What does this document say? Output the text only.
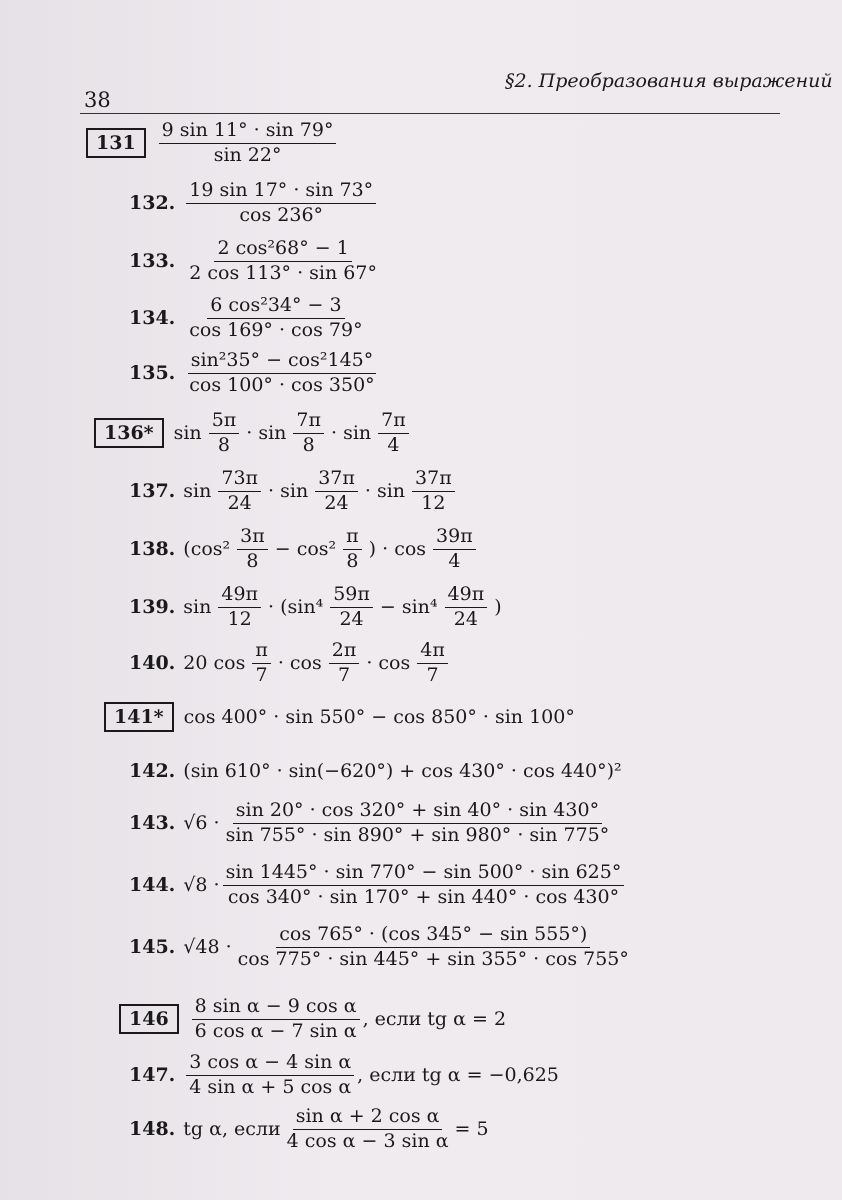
38
§2. Преобразования выражений
131	$\frac{9 \sin 11^\circ \cdot \sin 79^\circ}{\sin 22^\circ}$
132. $\frac{19 \sin 17^\circ \cdot \sin 73^\circ}{\cos 236^\circ}$
133. $\frac{\text{2 cos²68° − 1}}{2 \cos 113^\circ \cdot \sin 67^\circ}$
134. $\frac{\text{6 cos²34° − 3}}{\cos 169^\circ \cdot \cos 79^\circ}$
135. $\frac{\text{sin²35° − cos²145°}}{\cos 100^\circ \cdot \cos 350^\circ}$
136*	$\sin \frac{5\pi}{8} \cdot \sin \frac{7\pi}{8} \cdot \sin \frac{7\pi}{4}$
137. $\sin \frac{73\pi}{24} \cdot \sin \frac{37\pi}{24} \cdot \sin \frac{37\pi}{12}$
138. ($\cos^2 \frac{3\pi}{8} - \cos^2 \frac{\pi}{8}$ ) · $\cos \frac{39\pi}{4}$
139. $\sin \frac{49\pi}{12} \cdot (\sin^4 \frac{59\pi}{24} - \sin^4 \frac{49\pi}{24}$ )
140. 20 $\cos \frac{\pi}{7} \cdot \cos \frac{2\pi}{7} \cdot \cos \frac{4\pi}{7}$
141*	cos 400° · sin 550° − cos 850° · sin 100°
142. (sin 610° · sin(−620°) + cos 430° · cos 440°)²
143. $√6 \cdot \frac{\sin 20^\circ \cdot \cos 320^\circ + \sin 40^\circ \cdot \sin 430^\circ}{\sin 755^\circ \cdot \sin 890^\circ + \sin 980^\circ \cdot \sin 775^\circ}$
144. $√8 \cdot \frac{\sin 1445^\circ \cdot \sin 770^\circ - \sin 500^\circ \cdot \sin 625^\circ}{\cos 340^\circ \cdot \sin 170^\circ + \sin 440^\circ \cdot \cos 430^\circ}$
145. $√48 \cdot \frac{\cos 765^\circ \cdot (\cos 345^\circ - \sin 555^\circ)}{\cos 775^\circ \cdot \sin 445^\circ + \sin 355^\circ \cdot \cos 755^\circ}$
146	$\frac{\text{8 sin α − 9 cos α}}{\text{6 cos α − 7 sin α}}$ , если tg α = 2
147. $\frac{\text{3 cos α − 4 sin α}}{\text{4 sin α + 5 cos α}}$ , если tg α = −0,625
148. tg α, если $\frac{\text{sin α + 2 cos α}}{\text{4 cos α − 3 sin α}} = 5$
